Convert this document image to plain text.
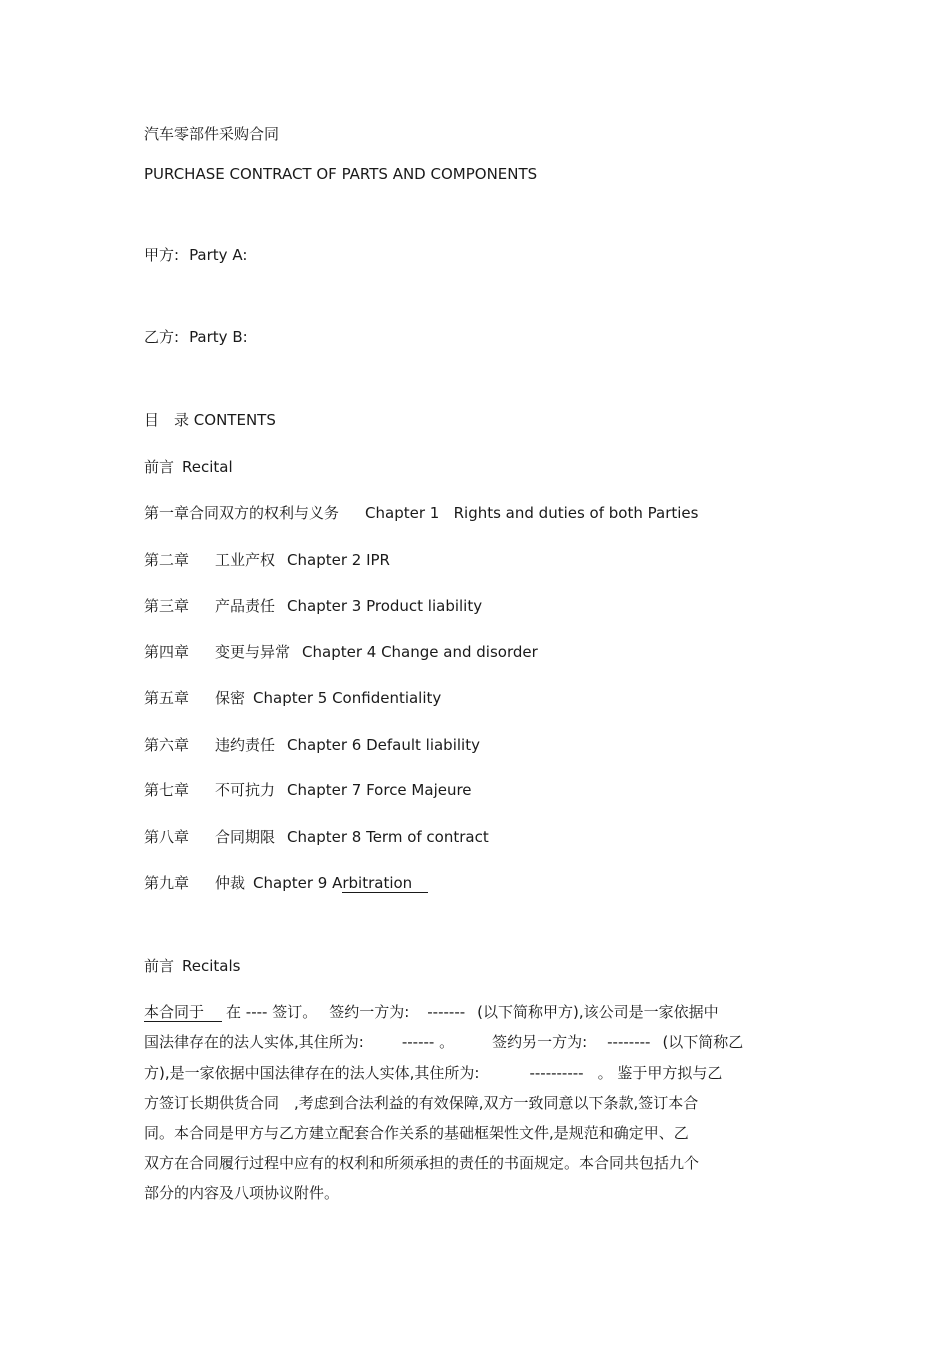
汽车零部件采购合同
PURCHASE CONTRACT OF PARTS AND COMPONENTS
甲方: Party A:
乙方: Party B:
目　录 CONTENTS
前言 Recital
第一章合同双方的权利与义务 Chapter 1   Rights and duties of both Parties
第二章 工业产权 Chapter 2 IPR
第三章 产品责任 Chapter 3 Product liability
第四章 变更与异常 Chapter 4 Change and disorder
第五章 保密 Chapter 5 Confidentiality
第六章 违约责任 Chapter 6 Default liability
第七章 不可抗力 Chapter 7 Force Majeure
第八章 合同期限 Chapter 8 Term of contract
第九章 仲裁 Chapter 9 Arbitration
前言 Recitals
本合同于 在 ---- 签订。 签约一方为: ------- (以下简称甲方),该公司是一家依据中
国法律存在的法人实体,其住所为:	------ 。	签约另一方为: -------- (以下简称乙
方),是一家依据中国法律存在的法人实体,其住所为:	---------- 。 鉴于甲方拟与乙
方签订长期供货合同　,考虑到合法利益的有效保障,双方一致同意以下条款,签订本合
同。本合同是甲方与乙方建立配套合作关系的基础框架性文件,是规范和确定甲、乙
双方在合同履行过程中应有的权利和所须承担的责任的书面规定。本合同共包括九个
部分的内容及八项协议附件。
